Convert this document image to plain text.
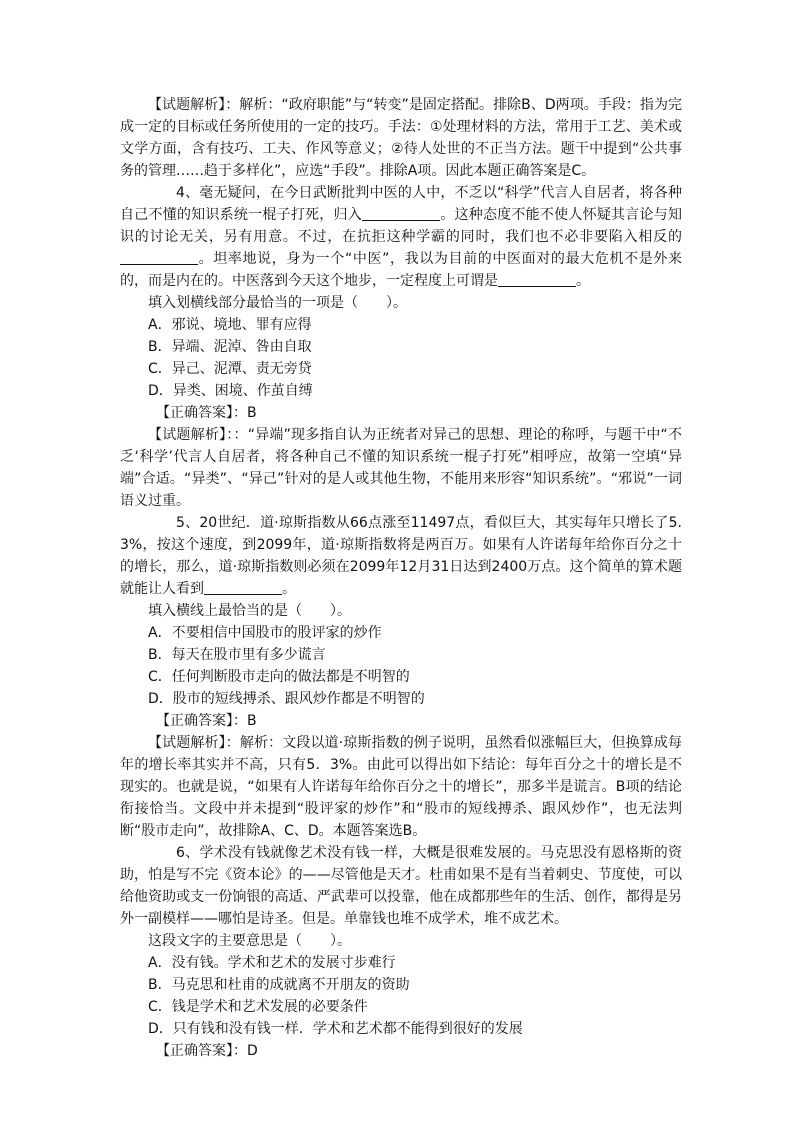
【试题解析】：解析：“政府职能”与“转变”是固定搭配。排除B、D两项。手段：指为完成一定的目标或任务所使用的一定的技巧。手法：①处理材料的方法，常用于工艺、美术或文学方面，含有技巧、工夫、作风等意义；②待人处世的不正当方法。题干中提到“公共事务的管理……趋于多样化”，应选“手段”。排除A项。因此本题正确答案是C。

4、毫无疑问，在今日武断批判中医的人中，不乏以“科学”代言人自居者，将各种自己不懂的知识系统一棍子打死，归入	。这种态度不能不使人怀疑其言论与知识的讨论无关，另有用意。不过，在抗拒这种学霸的同时，我们也不必非要陷入相反的。坦率地说，身为一个“中医”，我以为目前的中医面对的最大危机不是外来的，而是内在的。中医落到今天这个地步，一定程度上可谓是	。

填入划横线部分最恰当的一项是（　　）。

A．邪说、境地、罪有应得

B．异端、泥淖、咎由自取

C．异己、泥潭、责无旁贷

D．异类、困境、作茧自缚

【正确答案】：B

【试题解析】：：“异端”现多指自认为正统者对异己的思想、理论的称呼，与题干中“不乏‘科学’代言人自居者，将各种自己不懂的知识系统一棍子打死”相呼应，故第一空填“异端”合适。“异类”、“异己”针对的是人或其他生物，不能用来形容“知识系统”。“邪说”一词语义过重。

5、20世纪．道·琼斯指数从66点涨至11497点，看似巨大，其实每年只增长了5.3%，按这个速度，到2099年，道·琼斯指数将是两百万。如果有人许诺每年给你百分之十的增长，那么，道·琼斯指数则必须在2099年12月31日达到2400万点。这个简单的算术题就能让人看到	。

填入横线上最恰当的是（　　）。

A．不要相信中国股市的股评家的炒作

B．每天在股市里有多少谎言

C．任何判断股市走向的做法都是不明智的

D．股市的短线搏杀、跟风炒作都是不明智的

【正确答案】：B

【试题解析】：解析：文段以道·琼斯指数的例子说明，虽然看似涨幅巨大，但换算成每年的增长率其实并不高，只有5．3%。由此可以得出如下结论：每年百分之十的增长是不现实的。也就是说，“如果有人许诺每年给你百分之十的增长”，那多半是谎言。B项的结论衔接恰当。文段中并未提到“股评家的炒作”和“股市的短线搏杀、跟风炒作”，也无法判断“股市走向”，故排除A、C、D。本题答案选B。

6、学术没有钱就像艺术没有钱一样，大概是很难发展的。马克思没有恩格斯的资助，怕是写不完《资本论》的——尽管他是天才。杜甫如果不是有当着刺史、节度使，可以给他资助或支一份饷银的高适、严武辈可以投靠，他在成都那些年的生活、创作，都得是另外一副模样——哪怕是诗圣。但是。单靠钱也堆不成学术，堆不成艺术。

这段文字的主要意思是（　　）。

A．没有钱。学术和艺术的发展寸步难行

B．马克思和杜甫的成就离不开朋友的资助

C．钱是学术和艺术发展的必要条件

D．只有钱和没有钱一样．学术和艺术都不能得到很好的发展

【正确答案】：D
